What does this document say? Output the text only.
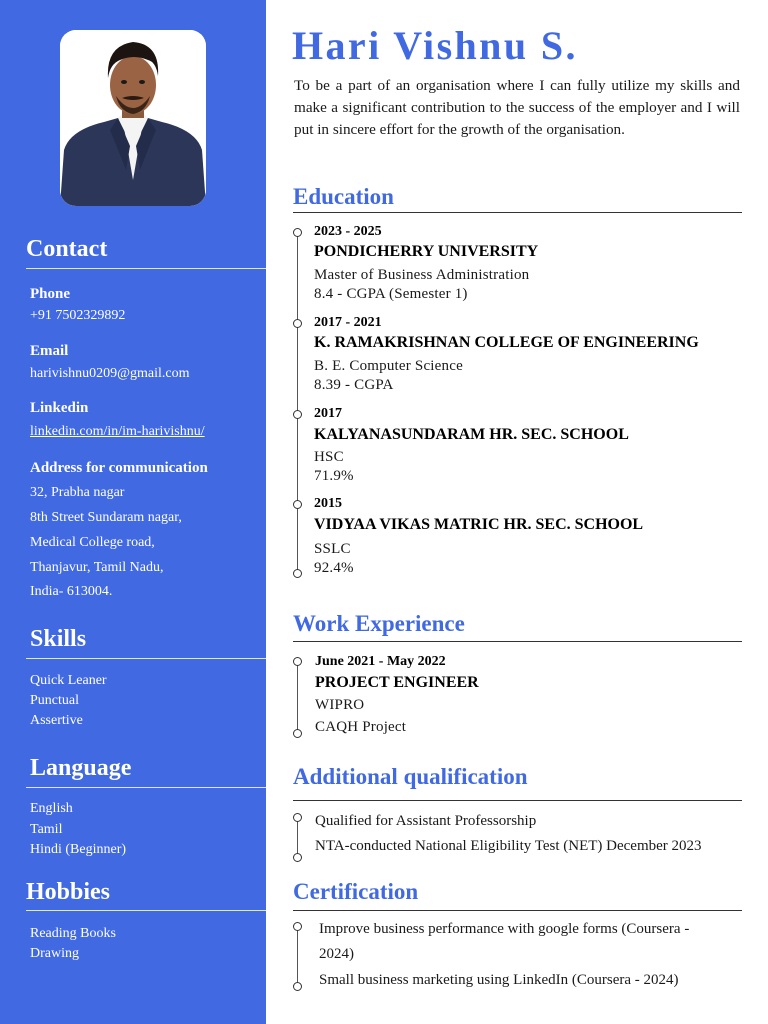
Contact
Phone
+91 7502329892
Email
harivishnu0209@gmail.com
Linkedin
linkedin.com/in/im-harivishnu/
Address for communication
32, Prabha nagar
8th Street Sundaram nagar,
Medical College road,
Thanjavur, Tamil Nadu,
India- 613004.
Skills
Quick Leaner
Punctual
Assertive
Language
English
Tamil
Hindi (Beginner)
Hobbies
Reading Books
Drawing
Hari Vishnu S.
To be a part of an organisation where I can fully utilize my skills and make a significant contribution to the success of the employer and I will put in sincere effort for the growth of the organisation.
Education
2023 - 2025
PONDICHERRY UNIVERSITY
Master of Business Administration
8.4 - CGPA (Semester 1)
2017 - 2021
K. RAMAKRISHNAN COLLEGE OF ENGINEERING
B. E. Computer Science
8.39 - CGPA
2017
KALYANASUNDARAM HR. SEC. SCHOOL
HSC
71.9%
2015
VIDYAA VIKAS MATRIC HR. SEC. SCHOOL
SSLC
92.4%
Work Experience
June 2021 - May 2022
PROJECT ENGINEER
WIPRO
CAQH Project
Additional qualification
Qualified for Assistant Professorship
NTA-conducted National Eligibility Test (NET) December 2023
Certification
Improve business performance with google forms (Coursera -
2024)
Small business marketing using LinkedIn (Coursera - 2024)
